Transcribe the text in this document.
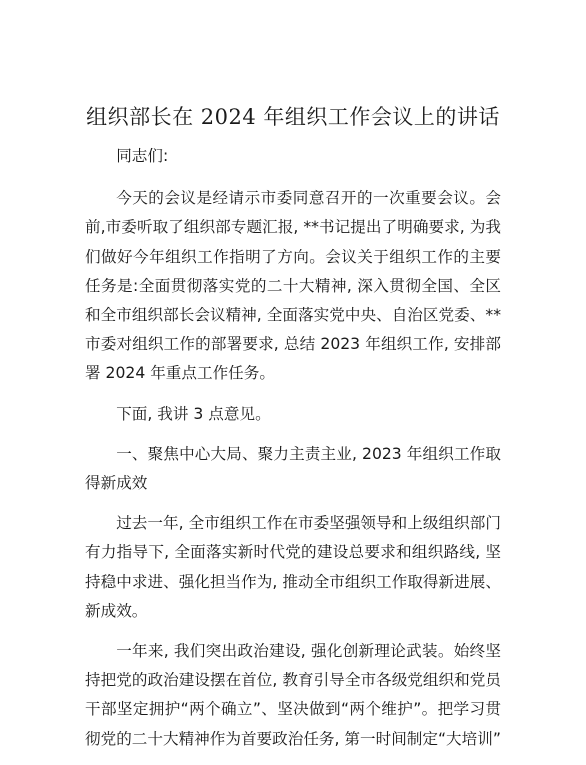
组织部长在 2024 年组织工作会议上的讲话

同志们:

今天的会议是经请示市委同意召开的一次重要会议。会前,市委听取了组织部专题汇报, **书记提出了明确要求, 为我们做好今年组织工作指明了方向。会议关于组织工作的主要任务是:全面贯彻落实党的二十大精神, 深入贯彻全国、全区和全市组织部长会议精神, 全面落实党中央、自治区党委、**市委对组织工作的部署要求, 总结 2023 年组织工作, 安排部署 2024 年重点工作任务。

下面, 我讲 3 点意见。

一、聚焦中心大局、聚力主责主业, 2023 年组织工作取得新成效

过去一年, 全市组织工作在市委坚强领导和上级组织部门有力指导下, 全面落实新时代党的建设总要求和组织路线, 坚持稳中求进、强化担当作为, 推动全市组织工作取得新进展、新成效。

一年来, 我们突出政治建设, 强化创新理论武装。始终坚持把党的政治建设摆在首位, 教育引导全市各级党组织和党员干部坚定拥护“两个确立”、坚决做到“两个维护”。把学习贯彻党的二十大精神作为首要政治任务, 第一时间制定“大培训”
